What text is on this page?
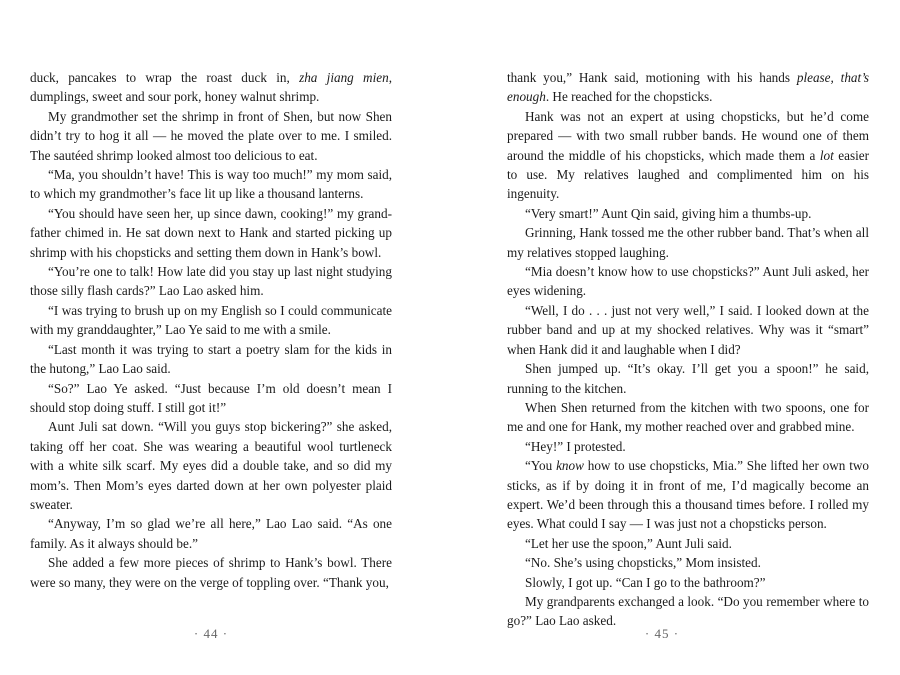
duck, pancakes to wrap the roast duck in, zha jiang mien, dumplings, sweet and sour pork, honey walnut shrimp.

My grandmother set the shrimp in front of Shen, but now Shen didn’t try to hog it all — he moved the plate over to me. I smiled. The sautéed shrimp looked almost too delicious to eat.

“Ma, you shouldn’t have! This is way too much!” my mom said, to which my grandmother’s face lit up like a thousand lanterns.

“You should have seen her, up since dawn, cooking!” my grandfather chimed in. He sat down next to Hank and started picking up shrimp with his chopsticks and setting them down in Hank’s bowl.

“You’re one to talk! How late did you stay up last night studying those silly flash cards?” Lao Lao asked him.

“I was trying to brush up on my English so I could communicate with my granddaughter,” Lao Ye said to me with a smile.

“Last month it was trying to start a poetry slam for the kids in the hutong,” Lao Lao said.

“So?” Lao Ye asked. “Just because I’m old doesn’t mean I should stop doing stuff. I still got it!”

Aunt Juli sat down. “Will you guys stop bickering?” she asked, taking off her coat. She was wearing a beautiful wool turtleneck with a white silk scarf. My eyes did a double take, and so did my mom’s. Then Mom’s eyes darted down at her own polyester plaid sweater.

“Anyway, I’m so glad we’re all here,” Lao Lao said. “As one family. As it always should be.”

She added a few more pieces of shrimp to Hank’s bowl. There were so many, they were on the verge of toppling over. “Thank you,

· 44 ·

thank you,” Hank said, motioning with his hands please, that’s enough. He reached for the chopsticks.

Hank was not an expert at using chopsticks, but he’d come prepared — with two small rubber bands. He wound one of them around the middle of his chopsticks, which made them a lot easier to use. My relatives laughed and complimented him on his ingenuity.

“Very smart!” Aunt Qin said, giving him a thumbs-up.

Grinning, Hank tossed me the other rubber band. That’s when all my relatives stopped laughing.

“Mia doesn’t know how to use chopsticks?” Aunt Juli asked, her eyes widening.

“Well, I do . . . just not very well,” I said. I looked down at the rubber band and up at my shocked relatives. Why was it “smart” when Hank did it and laughable when I did?

Shen jumped up. “It’s okay. I’ll get you a spoon!” he said, running to the kitchen.

When Shen returned from the kitchen with two spoons, one for me and one for Hank, my mother reached over and grabbed mine.

“Hey!” I protested.

“You know how to use chopsticks, Mia.” She lifted her own two sticks, as if by doing it in front of me, I’d magically become an expert. We’d been through this a thousand times before. I rolled my eyes. What could I say — I was just not a chopsticks person.

“Let her use the spoon,” Aunt Juli said.

“No. She’s using chopsticks,” Mom insisted.

Slowly, I got up. “Can I go to the bathroom?”

My grandparents exchanged a look. “Do you remember where to go?” Lao Lao asked.

· 45 ·
